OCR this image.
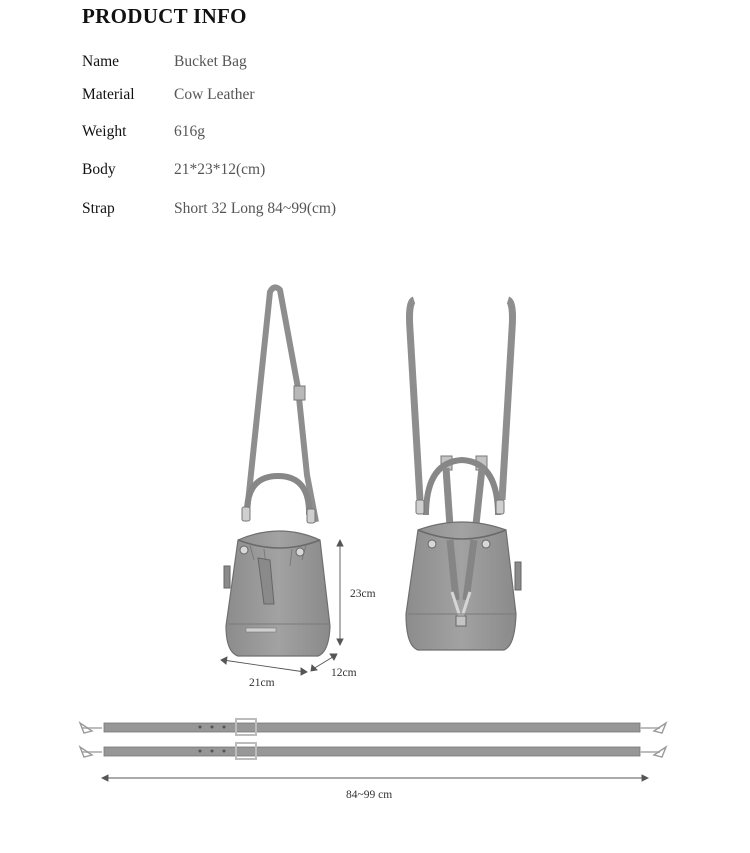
PRODUCT INFO
Name	Bucket Bag
Material	Cow Leather
Weight	616g
Body	21*23*12(cm)
Strap	Short 32 Long 84~99(cm)
23cm
21cm
12cm
84~99 cm
